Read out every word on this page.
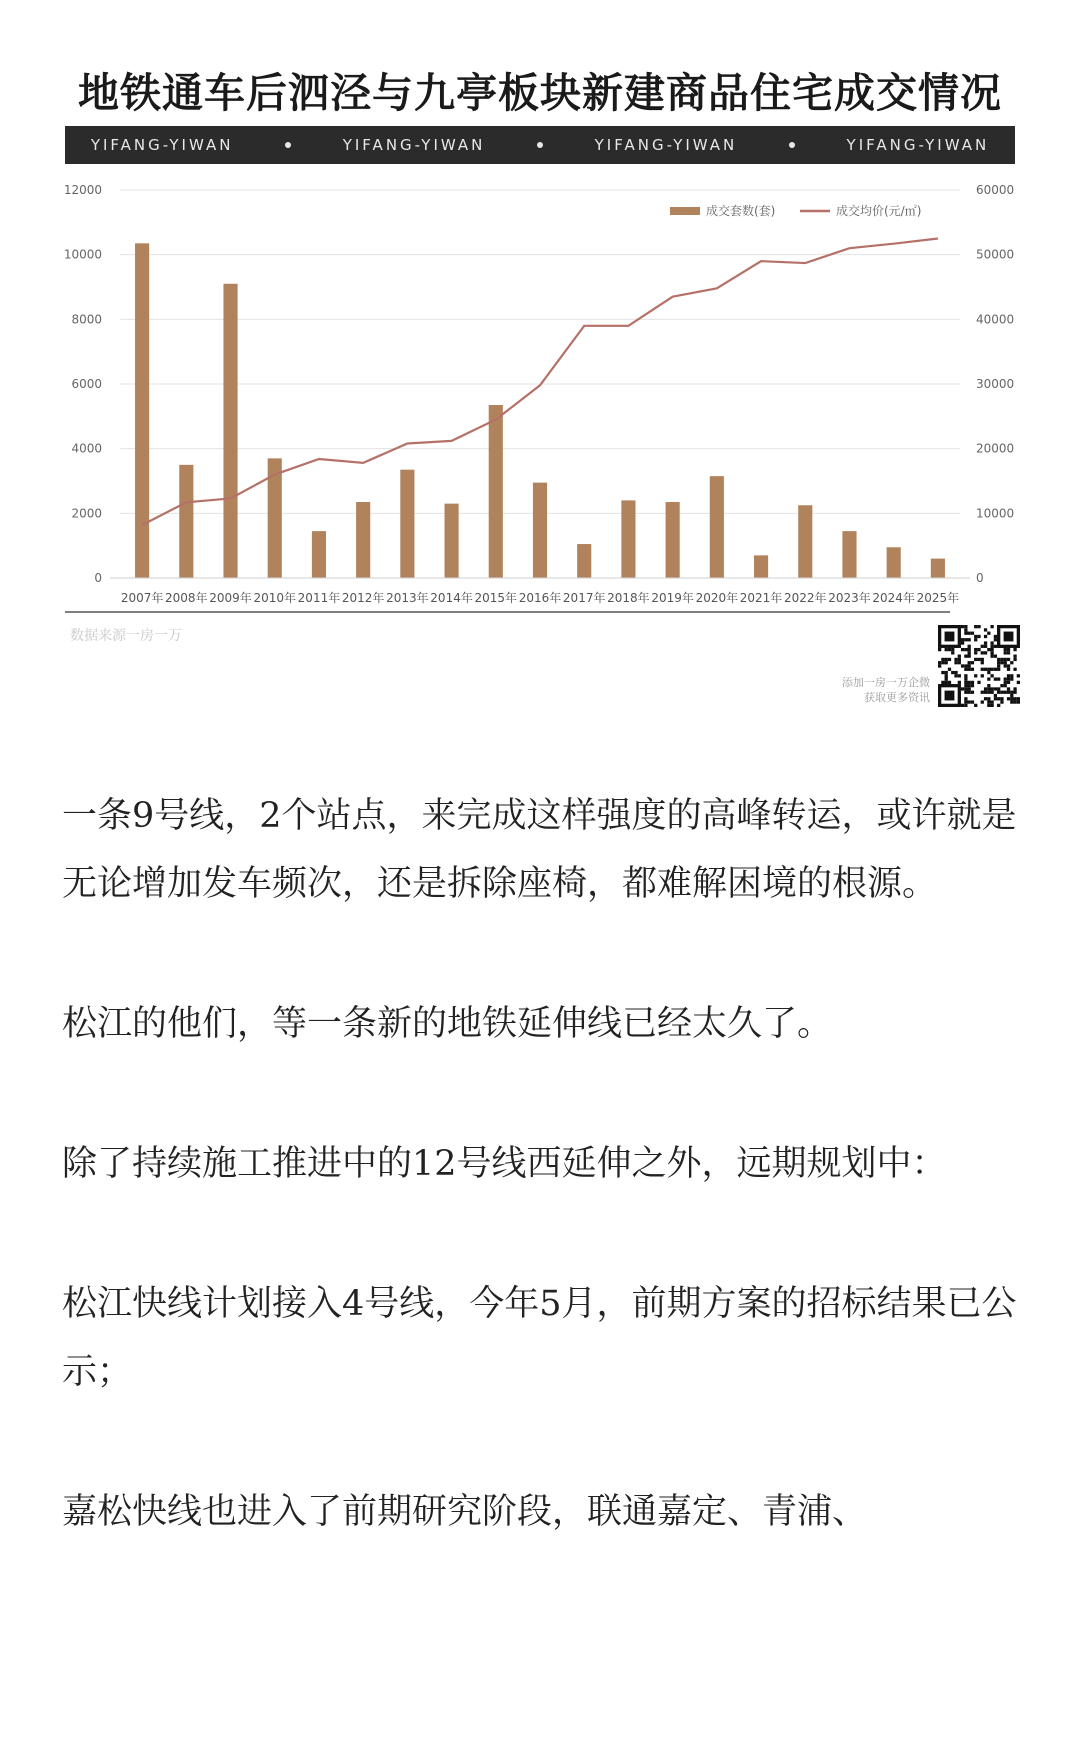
地铁通车后泗泾与九亭板块新建商品住宅成交情况
YIFANG-YIWAN	YIFANG-YIWAN	YIFANG-YIWAN	YIFANG-YIWAN
0
2000
4000
6000
8000
10000
12000
0
10000
20000
30000
40000
50000
60000
2007年 2008年 2009年 2010年 2011年 2012年 2013年 2014年 2015年 2016年 2017年 2018年 2019年 2020年 2021年 2022年 2023年 2024年 2025年
成交套数(套)	成交均价(元/㎡)
数据来源一房一万
添加一房一万企微
获取更多资讯

一条9号线，2个站点，来完成这样强度的高峰转运，或许就是无论增加发车频次，还是拆除座椅，都难解困境的根源。

松江的他们，等一条新的地铁延伸线已经太久了。

除了持续施工推进中的12号线西延伸之外，远期规划中：

松江快线计划接入4号线，今年5月，前期方案的招标结果已公示；

嘉松快线也进入了前期研究阶段，联通嘉定、青浦、
